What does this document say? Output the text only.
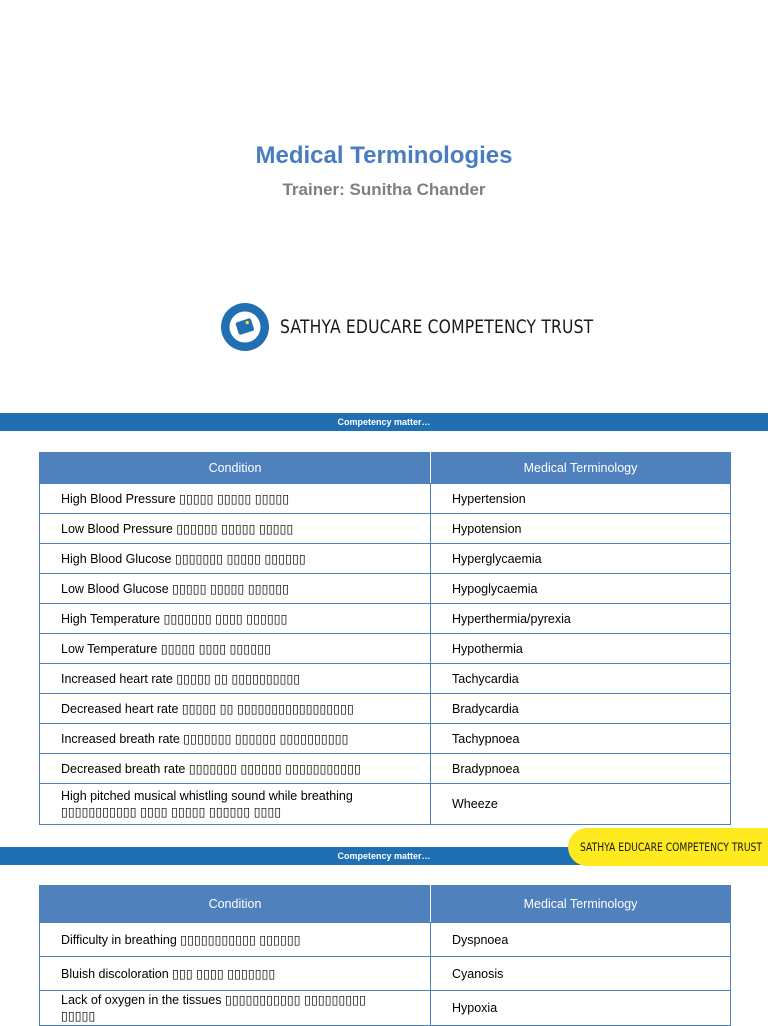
Medical Terminologies
Trainer: Sunitha Chander
SATHYA EDUCARE COMPETENCY TRUST
Competency matter…
Condition	Medical Terminology
High Blood Pressure ▯▯▯▯▯ ▯▯▯▯▯ ▯▯▯▯▯	Hypertension
Low Blood Pressure ▯▯▯▯▯▯ ▯▯▯▯▯ ▯▯▯▯▯	Hypotension
High Blood Glucose ▯▯▯▯▯▯▯ ▯▯▯▯▯ ▯▯▯▯▯▯	Hyperglycaemia
Low Blood Glucose ▯▯▯▯▯ ▯▯▯▯▯ ▯▯▯▯▯▯	Hypoglycaemia
High Temperature ▯▯▯▯▯▯▯ ▯▯▯▯ ▯▯▯▯▯▯	Hyperthermia/pyrexia
Low Temperature ▯▯▯▯▯ ▯▯▯▯ ▯▯▯▯▯▯	Hypothermia
Increased heart rate ▯▯▯▯▯ ▯▯ ▯▯▯▯▯▯▯▯▯▯	Tachycardia
Decreased heart rate ▯▯▯▯▯ ▯▯ ▯▯▯▯▯▯▯▯▯▯▯▯▯▯▯▯▯	Bradycardia
Increased breath rate ▯▯▯▯▯▯▯ ▯▯▯▯▯▯ ▯▯▯▯▯▯▯▯▯▯	Tachypnoea
Decreased breath rate ▯▯▯▯▯▯▯ ▯▯▯▯▯▯ ▯▯▯▯▯▯▯▯▯▯▯	Bradypnoea

High pitched musical whistling sound while breathing
▯▯▯▯▯▯▯▯▯▯▯ ▯▯▯▯ ▯▯▯▯▯ ▯▯▯▯▯▯ ▯▯▯▯	Wheeze
Competency matter…
SATHYA EDUCARE COMPETENCY TRUST
Condition	Medical Terminology
Difficulty in breathing ▯▯▯▯▯▯▯▯▯▯▯ ▯▯▯▯▯▯	Dyspnoea
Bluish discoloration ▯▯▯ ▯▯▯▯ ▯▯▯▯▯▯▯	Cyanosis

Lack of oxygen in the tissues ▯▯▯▯▯▯▯▯▯▯▯ ▯▯▯▯▯▯▯▯▯
▯▯▯▯▯	Hypoxia
